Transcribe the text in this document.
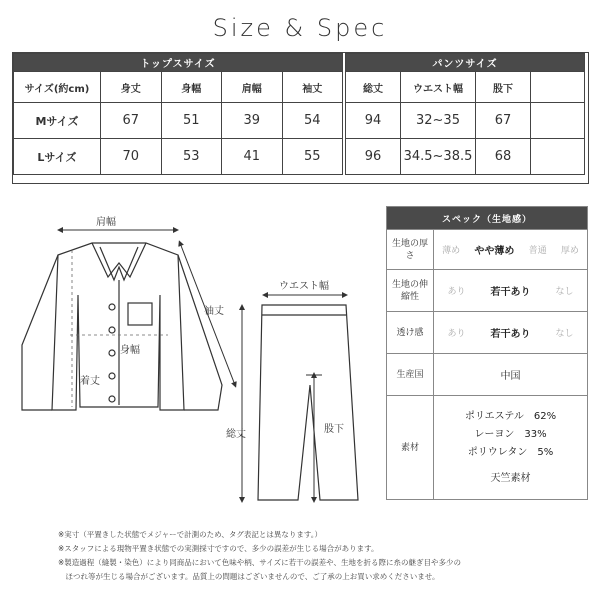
Size & Spec
トップスサイズ				
サイズ(約cm)	身丈	身幅	肩幅	袖丈
Mサイズ	67	51	39	54
Lサイズ	70	53	41	55
パンツサイズ			
総丈	ウエスト幅	股下	
94	32~35	67	
96	34.5~38.5	68	
肩幅
袖丈
身幅
着丈
ウエスト幅
総丈	股下
スペック（生地感）	
生地の厚さ	薄め やや薄め 普通 厚め

生地の伸縮性	あり 若干あり なし

透け感	あり 若干あり なし

生産国	中国
素材	ポリエステル　62%
レーヨン　33%
ポリウレタン　5%
天竺素材
※実寸（平置きした状態でメジャーで計測のため、タグ表記とは異なります。）
※スタッフによる現物平置き状態での実測採寸ですので、多少の誤差が生じる場合があります。
※製造過程（縫製・染色）により同商品において色味や柄、サイズに若干の誤差や、生地を折る際に糸の継ぎ目や多少の
　ほつれ等が生じる場合がございます。品質上の問題はございませんので、ご了承の上お買い求めくださいませ。
